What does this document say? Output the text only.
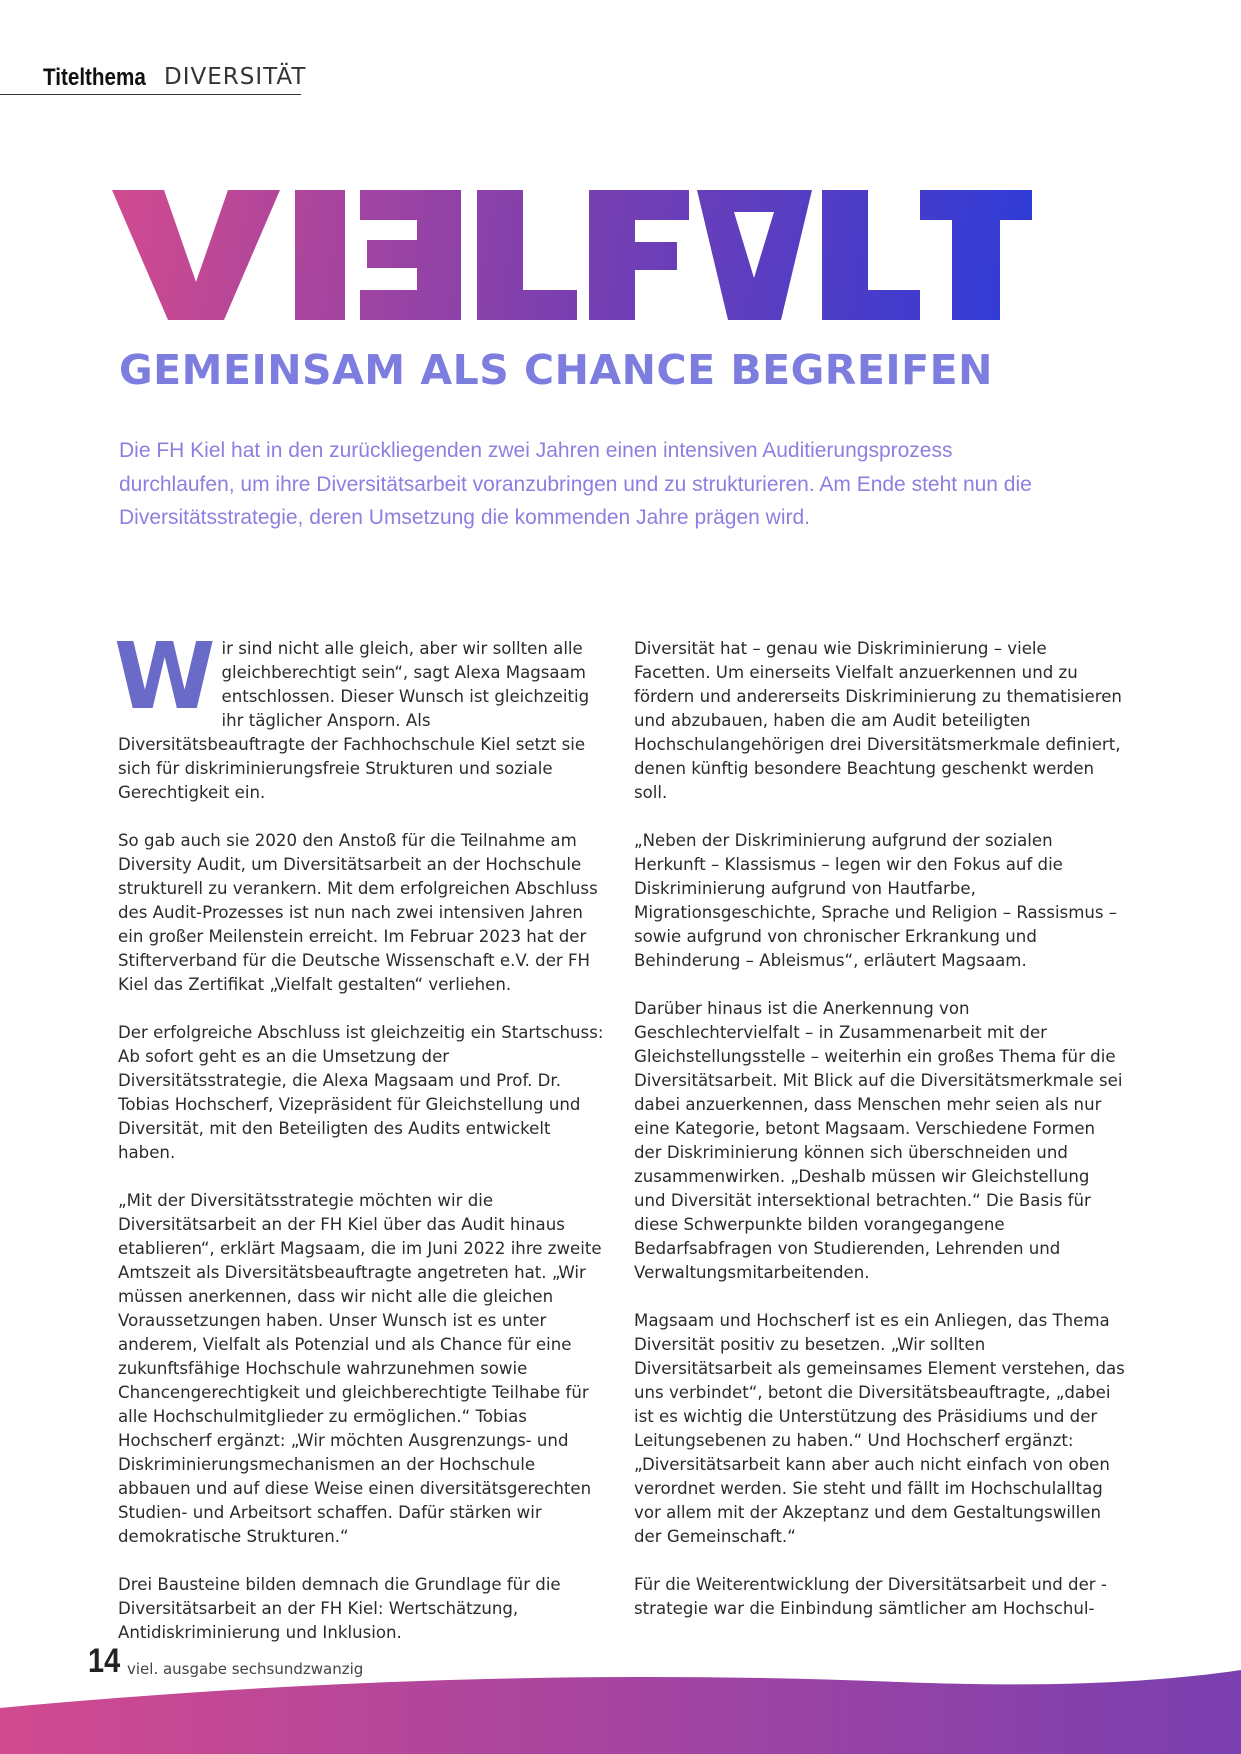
Titelthema DIVERSITÄT
GEMEINSAM ALS CHANCE BEGREIFEN
Die FH Kiel hat in den zurückliegenden zwei Jahren einen intensiven Auditierungsprozess durchlaufen, um ihre Diversitätsarbeit voranzubringen und zu strukturieren. Am Ende steht nun die Diversitätsstrategie, deren Umsetzung die kommenden Jahre prägen wird.

Wir sind nicht alle gleich, aber wir sollten alle gleichberechtigt sein“, sagt Alexa Magsaam entschlossen. Dieser Wunsch ist gleichzeitig ihr täglicher Ansporn. Als Diversitätsbeauftragte der Fachhochschule Kiel setzt sie sich für diskriminierungsfreie Strukturen und soziale Gerechtigkeit ein.

So gab auch sie 2020 den Anstoß für die Teilnahme am Diversity Audit, um Diversitätsarbeit an der Hochschule strukturell zu verankern. Mit dem erfolgreichen Abschluss des Audit-Prozesses ist nun nach zwei intensiven Jahren ein großer Meilenstein erreicht. Im Februar 2023 hat der Stifterverband für die Deutsche Wissenschaft e.V. der FH Kiel das Zertifikat „Vielfalt gestalten“ verliehen.

Der erfolgreiche Abschluss ist gleichzeitig ein Startschuss: Ab sofort geht es an die Umsetzung der Diversitätsstrategie, die Alexa Magsaam und Prof. Dr. Tobias Hochscherf, Vizepräsident für Gleichstellung und Diversität, mit den Beteiligten des Audits entwickelt haben.

„Mit der Diversitätsstrategie möchten wir die Diversitätsarbeit an der FH Kiel über das Audit hinaus etablieren“, erklärt Magsaam, die im Juni 2022 ihre zweite Amtszeit als Diversitätsbeauftragte angetreten hat. „Wir müssen anerkennen, dass wir nicht alle die gleichen Voraussetzungen haben. Unser Wunsch ist es unter anderem, Vielfalt als Potenzial und als Chance für eine zukunftsfähige Hochschule wahrzunehmen sowie Chancengerechtigkeit und gleichberechtigte Teilhabe für alle Hochschulmitglieder zu ermöglichen.“ Tobias Hochscherf ergänzt: „Wir möchten Ausgrenzungs- und Diskriminierungsmechanismen an der Hochschule abbauen und auf diese Weise einen diversitätsgerechten Studien- und Arbeitsort schaffen. Dafür stärken wir demokratische Strukturen.“

Drei Bausteine bilden demnach die Grundlage für die Diversitätsarbeit an der FH Kiel: Wertschätzung, Antidiskriminierung und Inklusion.

Diversität hat – genau wie Diskriminierung – viele Facetten. Um einerseits Vielfalt anzuerkennen und zu fördern und andererseits Diskriminierung zu thematisieren und abzubauen, haben die am Audit beteiligten Hochschulangehörigen drei Diversitätsmerkmale definiert, denen künftig besondere Beachtung geschenkt werden soll.

„Neben der Diskriminierung aufgrund der sozialen Herkunft – Klassismus – legen wir den Fokus auf die Diskriminierung aufgrund von Hautfarbe, Migrationsgeschichte, Sprache und Religion – Rassismus – sowie aufgrund von chronischer Erkrankung und Behinderung – Ableismus“, erläutert Magsaam.

Darüber hinaus ist die Anerkennung von Geschlechtervielfalt – in Zusammenarbeit mit der Gleichstellungsstelle – weiterhin ein großes Thema für die Diversitätsarbeit. Mit Blick auf die Diversitätsmerkmale sei dabei anzuerkennen, dass Menschen mehr seien als nur eine Kategorie, betont Magsaam. Verschiedene Formen der Diskriminierung können sich überschneiden und zusammenwirken. „Deshalb müssen wir Gleichstellung und Diversität intersektional betrachten.“ Die Basis für diese Schwerpunkte bilden vorangegangene Bedarfsabfragen von Studierenden, Lehrenden und Verwaltungsmitarbeitenden.

Magsaam und Hochscherf ist es ein Anliegen, das Thema Diversität positiv zu besetzen. „Wir sollten Diversitätsarbeit als gemeinsames Element verstehen, das uns verbindet“, betont die Diversitätsbeauftragte, „dabei ist es wichtig die Unterstützung des Präsidiums und der Leitungsebenen zu haben.“ Und Hochscherf ergänzt: „Diversitätsarbeit kann aber auch nicht einfach von oben verordnet werden. Sie steht und fällt im Hochschulalltag vor allem mit der Akzeptanz und dem Gestaltungswillen der Gemeinschaft.“

Für die Weiterentwicklung der Diversitätsarbeit und der -strategie war die Einbindung sämtlicher am Hochschul-

14 viel. ausgabe sechsundzwanzig
